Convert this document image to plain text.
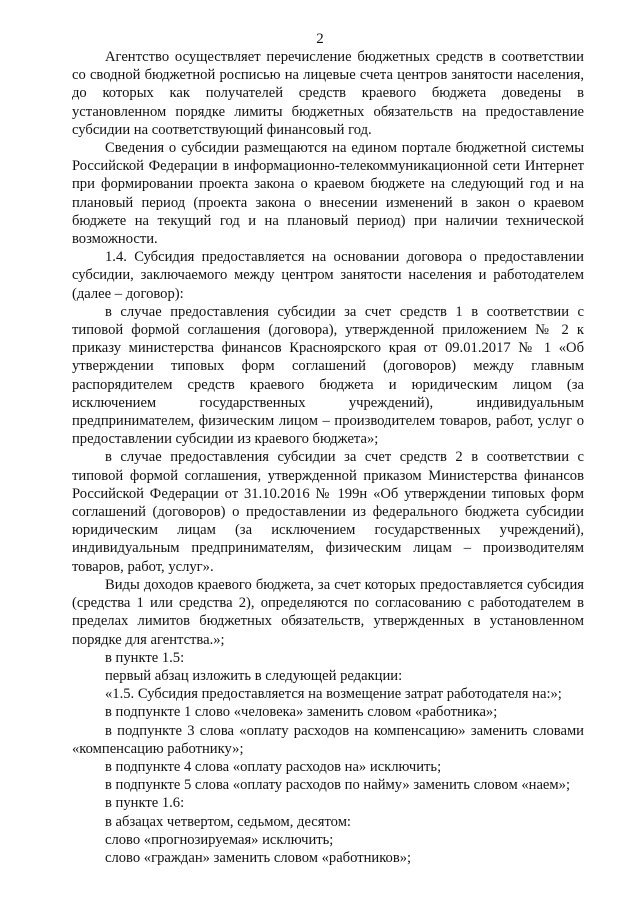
2

Агентство осуществляет перечисление бюджетных средств в соответствии со сводной бюджетной росписью на лицевые счета центров занятости населения, до которых как получателей средств краевого бюджета доведены в установленном порядке лимиты бюджетных обязательств на предоставление субсидии на соответствующий финансовый год.

Сведения о субсидии размещаются на едином портале бюджетной системы Российской Федерации в информационно-телекоммуникационной сети Интернет при формировании проекта закона о краевом бюджете на следующий год и на плановый период (проекта закона о внесении изменений в закон о краевом бюджете на текущий год и на плановый период) при наличии технической возможности.

1.4. Субсидия предоставляется на основании договора о предоставлении субсидии, заключаемого между центром занятости населения и работодателем (далее – договор):

в случае предоставления субсидии за счет средств 1 в соответствии с типовой формой соглашения (договора), утвержденной приложением № 2 к приказу министерства финансов Красноярского края от 09.01.2017 № 1 «Об утверждении типовых форм соглашений (договоров) между главным распорядителем средств краевого бюджета и юридическим лицом (за исключением государственных учреждений), индивидуальным предпринимателем, физическим лицом – производителем товаров, работ, услуг о предоставлении субсидии из краевого бюджета»;

в случае предоставления субсидии за счет средств 2 в соответствии с типовой формой соглашения, утвержденной приказом Министерства финансов Российской Федерации от 31.10.2016 № 199н «Об утверждении типовых форм соглашений (договоров) о предоставлении из федерального бюджета субсидии юридическим лицам (за исключением государственных учреждений), индивидуальным предпринимателям, физическим лицам – производителям товаров, работ, услуг».

Виды доходов краевого бюджета, за счет которых предоставляется субсидия (средства 1 или средства 2), определяются по согласованию с работодателем в пределах лимитов бюджетных обязательств, утвержденных в установленном порядке для агентства.»;

в пункте 1.5:

первый абзац изложить в следующей редакции:

«1.5. Субсидия предоставляется на возмещение затрат работодателя на:»;

в подпункте 1 слово «человека» заменить словом «работника»;

в подпункте 3 слова «оплату расходов на компенсацию» заменить словами «компенсацию работнику»;

в подпункте 4 слова «оплату расходов на» исключить;

в подпункте 5 слова «оплату расходов по найму» заменить словом «наем»;

в пункте 1.6:

в абзацах четвертом, седьмом, десятом:

слово «прогнозируемая» исключить;

слово «граждан» заменить словом «работников»;
